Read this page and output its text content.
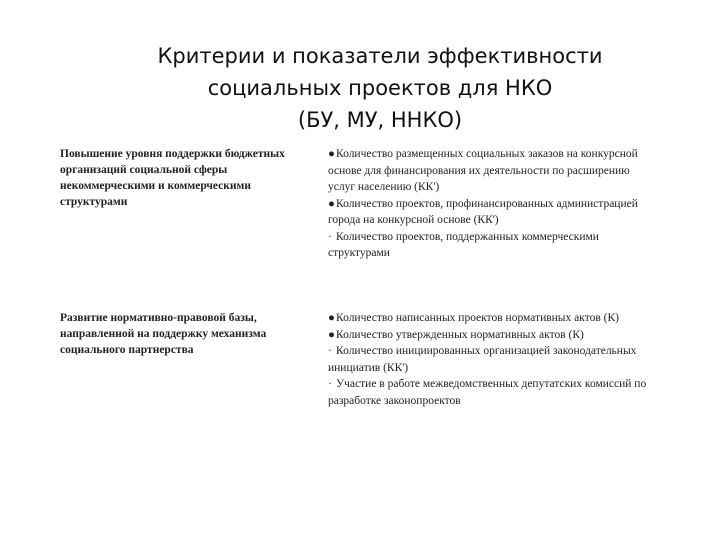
Критерии и показатели эффективности
социальных проектов для НКО
(БУ, МУ, ННКО)
Повышение уровня поддержки бюджетных организаций социальной сферы некоммерческими и коммерческими структурами

●Количество размещенных социальных заказов на конкурсной основе для финансирования их деятельности по расширению услуг населению (КК')

●Количество проектов, профинансированных администрацией города на конкурсной основе (КК')

· Количество проектов, поддержанных коммерческими структурами

Развитие нормативно-правовой базы, направленной на поддержку механизма социального партнерства

●Количество написанных проектов нормативных актов (К)

●Количество утвержденных нормативных актов (К)

· Количество инициированных организацией законодательных инициатив (КК')

· Участие в работе межведомственных депутатских комиссий по разработке законопроектов
